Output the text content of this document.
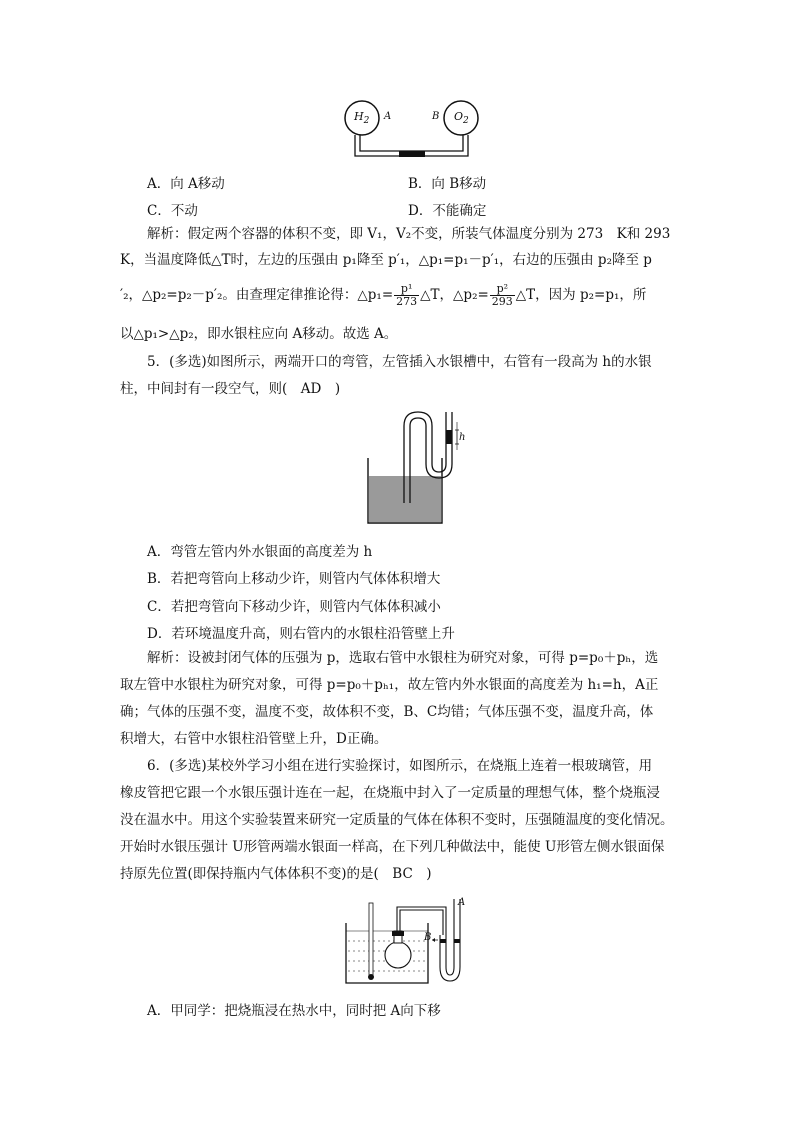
$H_2$	$O_2$
A	B
A．向 A移动	B．向 B移动
C．不动	D．不能确定
解析：假定两个容器的体积不变，即 V₁，V₂不变，所装气体温度分别为 273　K和 293
K，当温度降低△T时，左边的压强由 p₁降至 p′₁，△p₁=p₁－p′₁，右边的压强由 p₂降至 p
′₂，△p₂=p₂－p′₂。由查理定律推论得：△p₁= $\frac{\text{p¹}}{273}$ △T，△p₂= $\frac{\text{p²}}{293}$ △T，因为 p₂=p₁，所
以△p₁>△p₂，即水银柱应向 A移动。故选 A。
5．(多选)如图所示，两端开口的弯管，左管插入水银槽中，右管有一段高为 h的水银
柱，中间封有一段空气，则(　AD　)
h
A．弯管左管内外水银面的高度差为 h
B．若把弯管向上移动少许，则管内气体体积增大
C．若把弯管向下移动少许，则管内气体体积减小
D．若环境温度升高，则右管内的水银柱沿管壁上升
解析：设被封闭气体的压强为 p，选取右管中水银柱为研究对象，可得 p=p₀＋pₕ，选
取左管中水银柱为研究对象，可得 p=p₀＋pₕ₁，故左管内外水银面的高度差为 h₁=h，A正
确；气体的压强不变，温度不变，故体积不变，B、C均错；气体压强不变，温度升高，体
积增大，右管中水银柱沿管壁上升，D正确。
6．(多选)某校外学习小组在进行实验探讨，如图所示，在烧瓶上连着一根玻璃管，用
橡皮管把它跟一个水银压强计连在一起，在烧瓶中封入了一定质量的理想气体，整个烧瓶浸
没在温水中。用这个实验装置来研究一定质量的气体在体积不变时，压强随温度的变化情况。
开始时水银压强计 U形管两端水银面一样高，在下列几种做法中，能使 U形管左侧水银面保
持原先位置(即保持瓶内气体体积不变)的是(　BC　)
A
B
A．甲同学：把烧瓶浸在热水中，同时把 A向下移
